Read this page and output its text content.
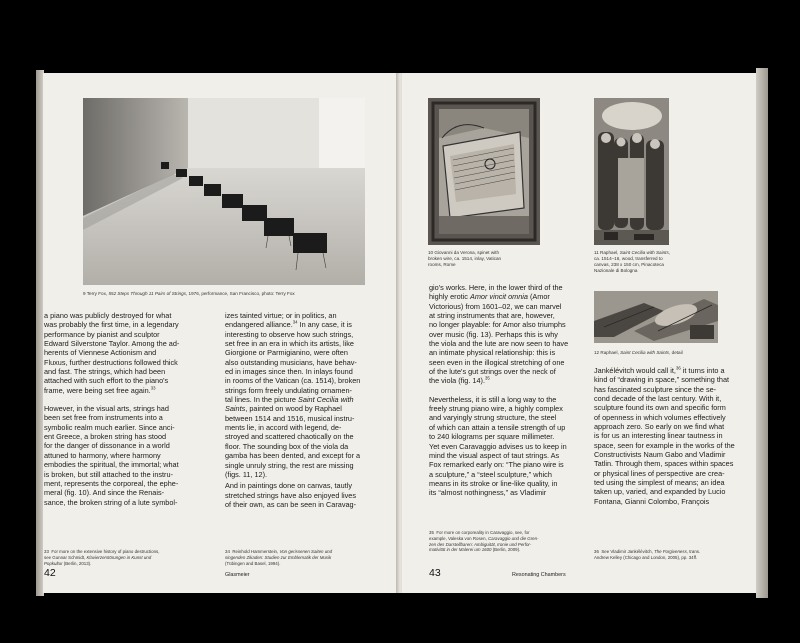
9 Terry Fox, 552 Steps Through 11 Pairs of Strings, 1976, performance, San Francisco, photo: Terry Fox

a piano was publicly destroyed for what

was probably the first time, in a legendary

performance by pianist and sculptor

Edward Silverstone Taylor. Among the ad-

herents of Viennese Actionism and

Fluxus, further destructions followed thick

and fast. The strings, which had been

attached with such effort to the piano's

frame, were being set free again.$^{33}$

However, in the visual arts, strings had

been set free from instruments into a

symbolic realm much earlier. Since anci-

ent Greece, a broken string has stood

for the danger of dissonance in a world

attuned to harmony, where harmony

embodies the spiritual, the immortal; what

is broken, but still attached to the instru-

ment, represents the corporeal, the ephe-

meral (fig. 10). And since the Renais-

sance, the broken string of a lute symbol-

izes tainted virtue; or in politics, an

endangered alliance.$^{34}$ In any case, it is

interesting to observe how such strings,

set free in an era in which its artists, like

Giorgione or Parmigianino, were often

also outstanding musicians, have behav-

ed in images since then. In inlays found

in rooms of the Vatican (ca. 1514), broken

strings form freely undulating ornamen-

tal lines. In the picture Saint Cecilia with

Saints, painted on wood by Raphael

between 1514 and 1516, musical instru-

ments lie, in accord with legend, de-

stroyed and scattered chaotically on the

floor. The sounding box of the viola da

gamba has been dented, and except for a

single unruly string, the rest are missing

(figs. 11, 12).

And in paintings done on canvas, tautly

stretched strings have also enjoyed lives

of their own, as can be seen in Caravag-

33 For more on the extensive history of piano destructions,
see Gunnar Schmidt, Klavierzerstörungen in Kunst und
Popkultur (Berlin, 2013).
34 Reinhold Hammerstein, Von gerissenen Saiten und
singenden Zikaden: Studien zur Emblematik der Musik
(Tübingen and Basel, 1994).
42	Glasmeier
10 Giovanni da Verona, spinet with
broken wire, ca. 1514, inlay, Vatican
rooms, Rome
11 Raphael, Saint Cecilia with Saints,
ca. 1514–16, wood, transferred to
canvas, 238 x 150 cm, Pinacoteca
Nazionale di Bologna
12 Raphael, Saint Cecilia with Saints, detail

gio's works. Here, in the lower third of the

highly erotic Amor vincit omnia (Amor

Victorious) from 1601–02, we can marvel

at string instruments that are, however,

no longer playable: for Amor also triumphs

over music (fig. 13). Perhaps this is why

the viola and the lute are now seen to have

an intimate physical relationship: this is

seen even in the illogical stretching of one

of the lute's gut strings over the neck of

the viola (fig. 14).$^{35}$

Nevertheless, it is still a long way to the

freely strung piano wire, a highly complex

and varyingly strung structure, the steel

of which can attain a tensile strength of up

to 240 kilograms per square millimeter.

Yet even Caravaggio advises us to keep in

mind the visual aspect of taut strings. As

Fox remarked early on: “The piano wire is

a sculpture,” a “steel sculpture,” which

means in its stroke or line-like quality, in

its “almost nothingness,” as Vladimir

Jankélévitch would call it,$^{36}$ it turns into a

kind of “drawing in space,” something that

has fascinated sculpture since the se-

cond decade of the last century. With it,

sculpture found its own and specific form

of openness in which volumes effectively

approach zero. So early on we find what

is for us an interesting linear tautness in

space, seen for example in the works of the

Constructivists Naum Gabo and Vladimir

Tatlin. Through them, spaces within spaces

or physical lines of perspective are crea-

ted using the simplest of means; an idea

taken up, varied, and expanded by Lucio

Fontana, Gianni Colombo, François

35 For more on corporeality in Caravaggio, see, for
example, Valeska von Rosen, Caravaggio und die Gren-
zen des Darstellbaren: Ambiguität, Ironie und Perfor-
mativität in der Malerei um 1600 (Berlin, 2009).	36 See Vladimir Jankélévitch, The Forgiveness, trans.
Andrew Kelley (Chicago and London, 2005), pp. 34ff.
43	Resonating Chambers
